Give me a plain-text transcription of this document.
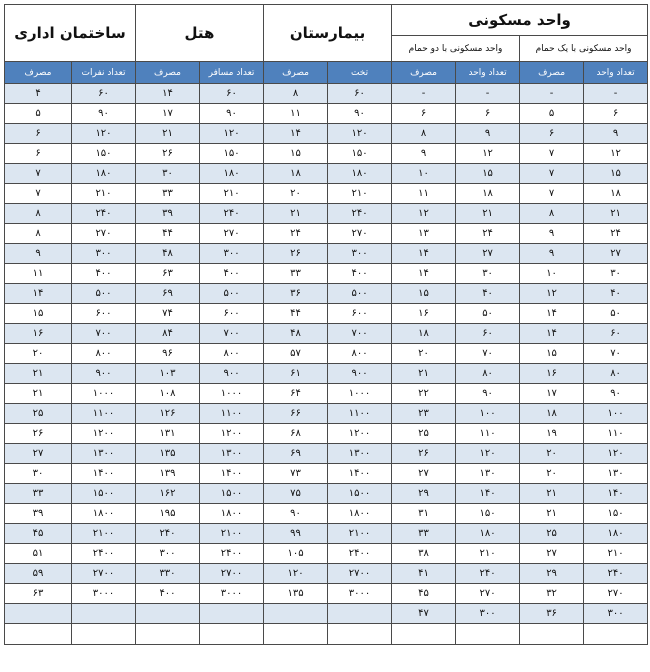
واحد مسکونی				بیمارستان		هتل		ساختمان اداری	
واحد مسکونی با یک حمام		واحد مسکونی با دو حمام							
تعداد واحد	مصرف	تعداد واحد	مصرف	تخت	مصرف	تعداد مسافر	مصرف	تعداد نفرات	مصرف
-	-	-	-	۶۰	۸	۶۰	۱۴	۶۰	۴
۶	۵	۶	۶	۹۰	۱۱	۹۰	۱۷	۹۰	۵
۹	۶	۹	۸	۱۲۰	۱۴	۱۲۰	۲۱	۱۲۰	۶
۱۲	۷	۱۲	۹	۱۵۰	۱۵	۱۵۰	۲۶	۱۵۰	۶
۱۵	۷	۱۵	۱۰	۱۸۰	۱۸	۱۸۰	۳۰	۱۸۰	۷
۱۸	۷	۱۸	۱۱	۲۱۰	۲۰	۲۱۰	۳۳	۲۱۰	۷
۲۱	۸	۲۱	۱۲	۲۴۰	۲۱	۲۴۰	۳۹	۲۴۰	۸
۲۴	۹	۲۴	۱۳	۲۷۰	۲۴	۲۷۰	۴۴	۲۷۰	۸
۲۷	۹	۲۷	۱۴	۳۰۰	۲۶	۳۰۰	۴۸	۳۰۰	۹
۳۰	۱۰	۳۰	۱۴	۴۰۰	۳۳	۴۰۰	۶۳	۴۰۰	۱۱
۴۰	۱۲	۴۰	۱۵	۵۰۰	۳۶	۵۰۰	۶۹	۵۰۰	۱۴
۵۰	۱۴	۵۰	۱۶	۶۰۰	۴۴	۶۰۰	۷۴	۶۰۰	۱۵
۶۰	۱۴	۶۰	۱۸	۷۰۰	۴۸	۷۰۰	۸۴	۷۰۰	۱۶
۷۰	۱۵	۷۰	۲۰	۸۰۰	۵۷	۸۰۰	۹۶	۸۰۰	۲۰
۸۰	۱۶	۸۰	۲۱	۹۰۰	۶۱	۹۰۰	۱۰۳	۹۰۰	۲۱
۹۰	۱۷	۹۰	۲۲	۱۰۰۰	۶۴	۱۰۰۰	۱۰۸	۱۰۰۰	۲۱
۱۰۰	۱۸	۱۰۰	۲۳	۱۱۰۰	۶۶	۱۱۰۰	۱۲۶	۱۱۰۰	۲۵
۱۱۰	۱۹	۱۱۰	۲۵	۱۲۰۰	۶۸	۱۲۰۰	۱۳۱	۱۲۰۰	۲۶
۱۲۰	۲۰	۱۲۰	۲۶	۱۳۰۰	۶۹	۱۳۰۰	۱۳۵	۱۳۰۰	۲۷
۱۳۰	۲۰	۱۳۰	۲۷	۱۴۰۰	۷۳	۱۴۰۰	۱۳۹	۱۴۰۰	۳۰
۱۴۰	۲۱	۱۴۰	۲۹	۱۵۰۰	۷۵	۱۵۰۰	۱۶۲	۱۵۰۰	۳۳
۱۵۰	۲۱	۱۵۰	۳۱	۱۸۰۰	۹۰	۱۸۰۰	۱۹۵	۱۸۰۰	۳۹
۱۸۰	۲۵	۱۸۰	۳۳	۲۱۰۰	۹۹	۲۱۰۰	۲۴۰	۲۱۰۰	۴۵
۲۱۰	۲۷	۲۱۰	۳۸	۲۴۰۰	۱۰۵	۲۴۰۰	۳۰۰	۲۴۰۰	۵۱
۲۴۰	۲۹	۲۴۰	۴۱	۲۷۰۰	۱۲۰	۲۷۰۰	۳۳۰	۲۷۰۰	۵۹
۲۷۰	۳۲	۲۷۰	۴۵	۳۰۰۰	۱۳۵	۳۰۰۰	۴۰۰	۳۰۰۰	۶۳
۳۰۰	۳۶	۳۰۰	۴۷						
